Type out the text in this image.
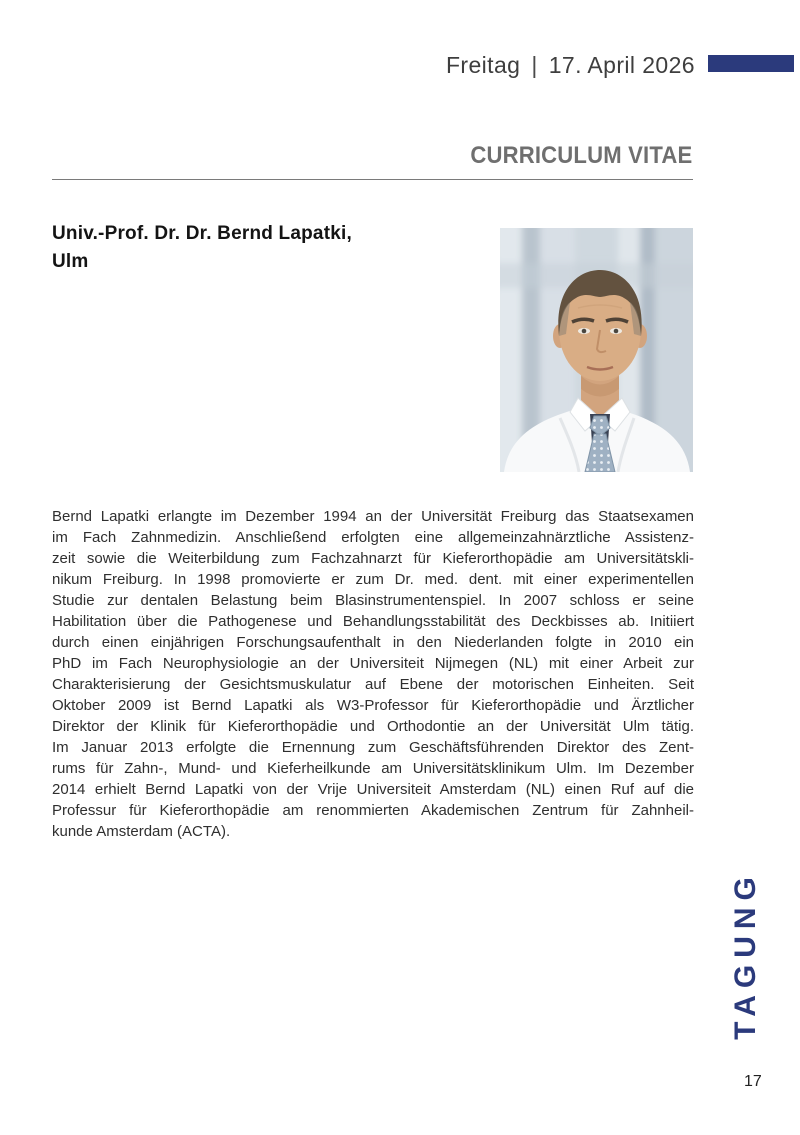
Freitag | 17. April 2026
CURRICULUM VITAE
Univ.-Prof. Dr. Dr. Bernd Lapatki,
Ulm
Bernd Lapatki erlangte im Dezember 1994 an der Universität Freiburg das Staatsexamen
im Fach Zahnmedizin. Anschließend erfolgten eine allgemeinzahnärztliche Assistenz-
zeit sowie die Weiterbildung zum Fachzahnarzt für Kieferorthopädie am Universitätskli-
nikum Freiburg. In 1998 promovierte er zum Dr. med. dent. mit einer experimentellen
Studie zur dentalen Belastung beim Blasinstrumentenspiel. In 2007 schloss er seine
Habilitation über die Pathogenese und Behandlungsstabilität des Deckbisses ab. Initiiert
durch einen einjährigen Forschungsaufenthalt in den Niederlanden folgte in 2010 ein
PhD im Fach Neurophysiologie an der Universiteit Nijmegen (NL) mit einer Arbeit zur
Charakterisierung der Gesichtsmuskulatur auf Ebene der motorischen Einheiten. Seit
Oktober 2009 ist Bernd Lapatki als W3-Professor für Kieferorthopädie und Ärztlicher
Direktor der Klinik für Kieferorthopädie und Orthodontie an der Universität Ulm tätig.
Im Januar 2013 erfolgte die Ernennung zum Geschäftsführenden Direktor des Zent-
rums für Zahn-, Mund- und Kieferheilkunde am Universitätsklinikum Ulm. Im Dezember
2014 erhielt Bernd Lapatki von der Vrije Universiteit Amsterdam (NL) einen Ruf auf die
Professur für Kieferorthopädie am renommierten Akademischen Zentrum für Zahnheil-
kunde Amsterdam (ACTA).
TAGUNG
17
